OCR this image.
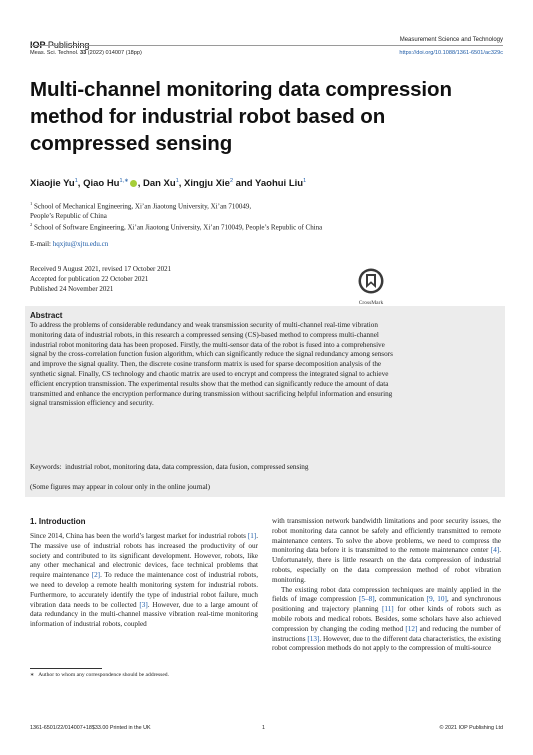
IOP Publishing	Measurement Science and Technology
Meas. Sci. Technol. 33 (2022) 014007 (18pp)	https://doi.org/10.1088/1361-6501/ac329c
Multi-channel monitoring data compression method for industrial robot based on compressed sensing
Xiaojie Yu$^1$, Qiao $Hu^{1,∗}$ , Dan Xu$^1$, Xingju Xie$^2$ and Yaohui Liu$^1$
$^1$ School of Mechanical Engineering, Xi’an Jiaotong University, Xi’an 710049,
People’s Republic of China
$^2$ School of Software Engineering, Xi’an Jiaotong University, Xi’an 710049, People’s Republic of China
E-mail: hqxjtu@xjtu.edu.cn
Received 9 August 2021, revised 17 October 2021
Accepted for publication 22 October 2021
Published 24 November 2021
CrossMark
Abstract
To address the problems of considerable redundancy and weak transmission security of multi-channel real-time vibration monitoring data of industrial robots, in this research a compressed sensing (CS)-based method to compress multi-channel industrial robot monitoring data has been proposed. Firstly, the multi-sensor data of the robot is fused into a comprehensive signal by the cross-correlation function fusion algorithm, which can significantly reduce the signal redundancy among sensors and improve the signal quality. Then, the discrete cosine transform matrix is used for sparse decomposition analysis of the synthetic signal. Finally, CS technology and chaotic matrix are used to encrypt and compress the integrated signal to achieve efficient encryption transmission. The experimental results show that the method can significantly reduce the amount of data transmitted and enhance the encryption performance during transmission without sacrificing helpful information and ensuring signal transmission efficiency and security.
Keywords: industrial robot, monitoring data, data compression, data fusion, compressed sensing
(Some figures may appear in colour only in the online journal)
1. Introduction

Since 2014, China has been the world’s largest market for industrial robots [1]. The massive use of industrial robots has increased the productivity of our society and contributed to its significant development. However, robots, like any other mechanical and electronic devices, face technical problems that require maintenance [2]. To reduce the maintenance cost of industrial robots, we need to develop a remote health monitoring system for industrial robots. Furthermore, to accurately identify the type of industrial robot failure, much vibration data needs to be collected [3]. However, due to a large amount of data redundancy in the multi-channel massive vibration real-time monitoring information of industrial robots, coupled

with transmission network bandwidth limitations and poor security issues, the robot monitoring data cannot be safely and efficiently transmitted to remote maintenance centers. To solve the above problems, we need to compress the monitoring data before it is transmitted to the remote maintenance center [4]. Unfortunately, there is little research on the data compression of industrial robots, especially on the data compression method of robot vibration monitoring.

The existing robot data compression techniques are mainly applied in the fields of image compression [5–8], communication [9, 10], and synchronous positioning and trajectory planning [11] for other kinds of robots such as mobile robots and medical robots. Besides, some scholars have also achieved compression by changing the coding method [12] and reducing the number of instructions [13]. However, due to the different data characteristics, the existing robot compression methods do not apply to the compression of multi-source

∗ Author to whom any correspondence should be addressed.
1361-6501/22/014007+18$33.00 Printed in the UK	1	© 2021 IOP Publishing Ltd
